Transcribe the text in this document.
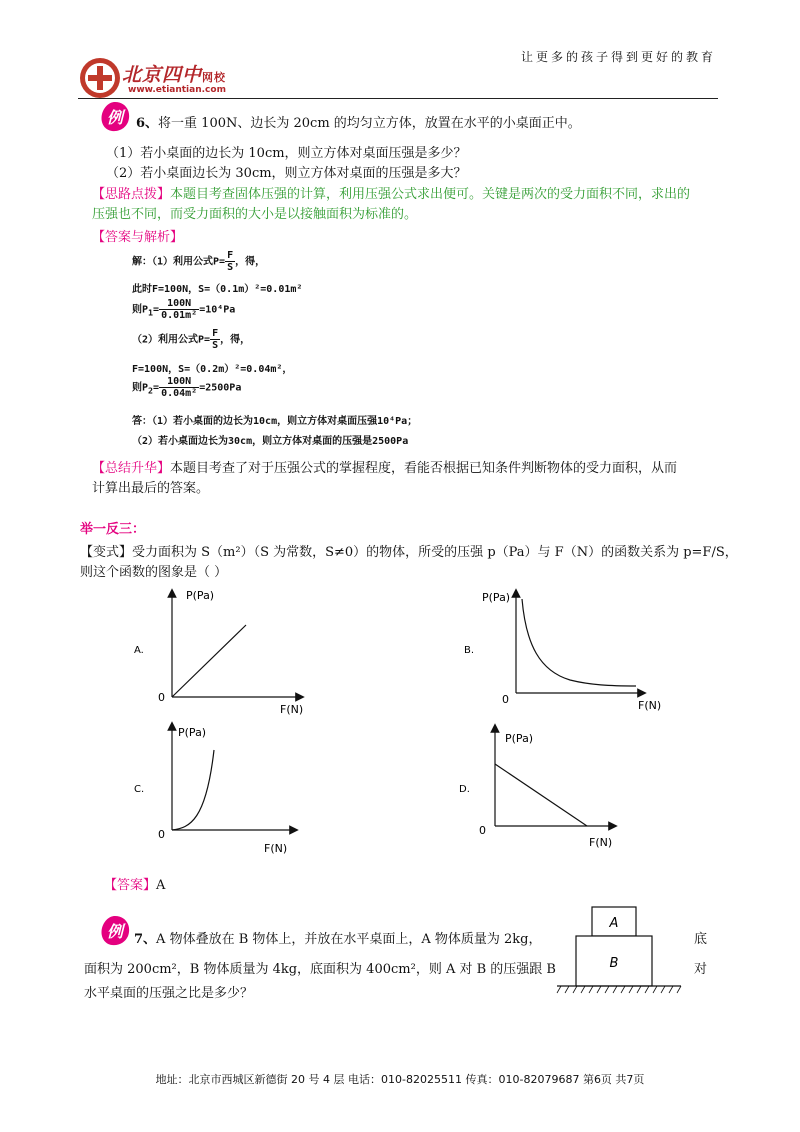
北京四中网校
www.etiantian.com
让更多的孩子得到更好的教育
例 6、将一重 100N、边长为 20cm 的均匀立方体，放置在水平的小桌面正中。
（1）若小桌面的边长为 10cm，则立方体对桌面压强是多少？
（2）若小桌面边长为 30cm，则立方体对桌面的压强是多大？
【思路点拨】本题目考查固体压强的计算，利用压强公式求出便可。关键是两次的受力面积不同，求出的
压强也不同，而受力面积的大小是以接触面积为标准的。
【答案与解析】
解：（1）利用公式$P= \frac{F}{S}$ ，得，
此时F=100N，S=（0.1m）²=0.01m²
则$P_1= \frac{100N}{\text{0.01m²}} =10^4Pa$
（2）利用公式$P= \frac{F}{S}$ ，得，
F=100N，S=（0.2m）²=0.04m²，
则$P_2= \frac{100N}{\text{0.04m²}} =2500Pa$
答：（1）若小桌面的边长为10cm，则立方体对桌面压强10⁴Pa；
（2）若小桌面边长为30cm，则立方体对桌面的压强是2500Pa
【总结升华】本题目考查了对于压强公式的掌握程度，看能否根据已知条件判断物体的受力面积，从而
计算出最后的答案。
举一反三：
【变式】受力面积为 S（m²）（S 为常数，S≠0）的物体，所受的压强 p（Pa）与 F（N）的函数关系为 p=F/S，
则这个函数的图象是（ ）
P(Pa)
F(N)
0
A.
P(Pa)
F(N)
0
B.
P(Pa)
F(N)
0
C.
P(Pa)
F(N)
0
D.
【答案】A
例 7、A 物体叠放在 B 物体上，并放在水平桌面上，A 物体质量为 2kg，	底
面积为 200cm²，B 物体质量为 4kg，底面积为 400cm²，则 A 对 B 的压强跟 B	对
水平桌面的压强之比是多少？
A
B
地址：北京市西城区新德街 20 号 4 层 电话：010-82025511 传真：010-82079687 第6页 共7页
